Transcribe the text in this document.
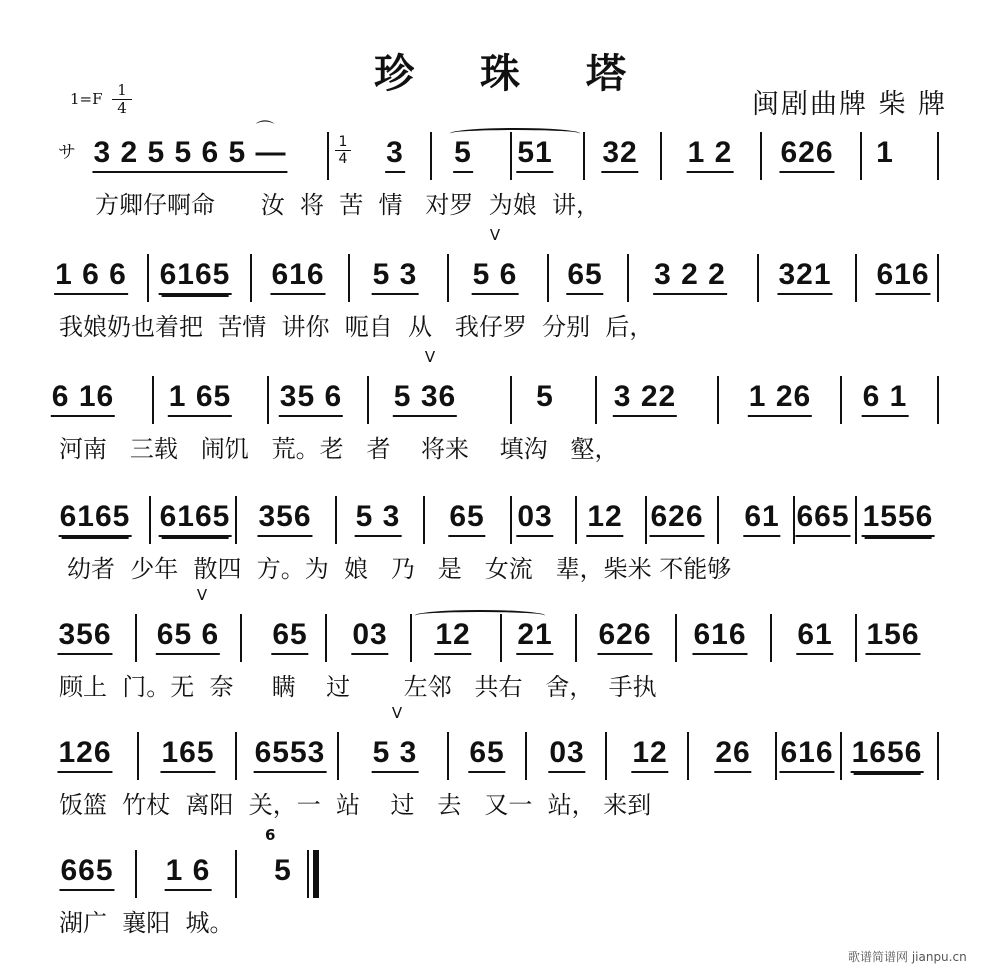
珍 珠 塔
$1=F \frac{1}{4}$	闽剧曲牌 柴 牌
サ
⌒
3 2 5 5 6 5 —	1
4 3 5 51 32 1 2 626 1
方卿仔啊命      汝  将  苦  情   对罗  为娘  讲，
1 6 6 6165 616 5 3
V
5 6 65 3 2 2 321 616
我娘奶也着把  苦情  讲你  呃自  从   我仔罗  分别  后，
6 16 1 65 35 6
V
5 36	5 3 22 1 26 6 1
河南   三载   闹饥   荒。老   者    将来    填沟   壑，
6165 6165 356 5 3 65 03 12 626 61 665 1556
幼者  少年  散四  方。为  娘   乃   是   女流   辈，柴米 不能够
356
V
65 6 65 03 12 21 626 616 61 156
顾上  门。无  奈     瞒    过       左邻   共右   舍，  手执
126 165 6553
V
5 3 65 03 12 26 616 1656
饭篮  竹杖  离阳  关，一  站    过   去   又一  站， 来到
665 1 6
6
5
湖广  襄阳  城。
歌谱简谱网 jianpu.cn
